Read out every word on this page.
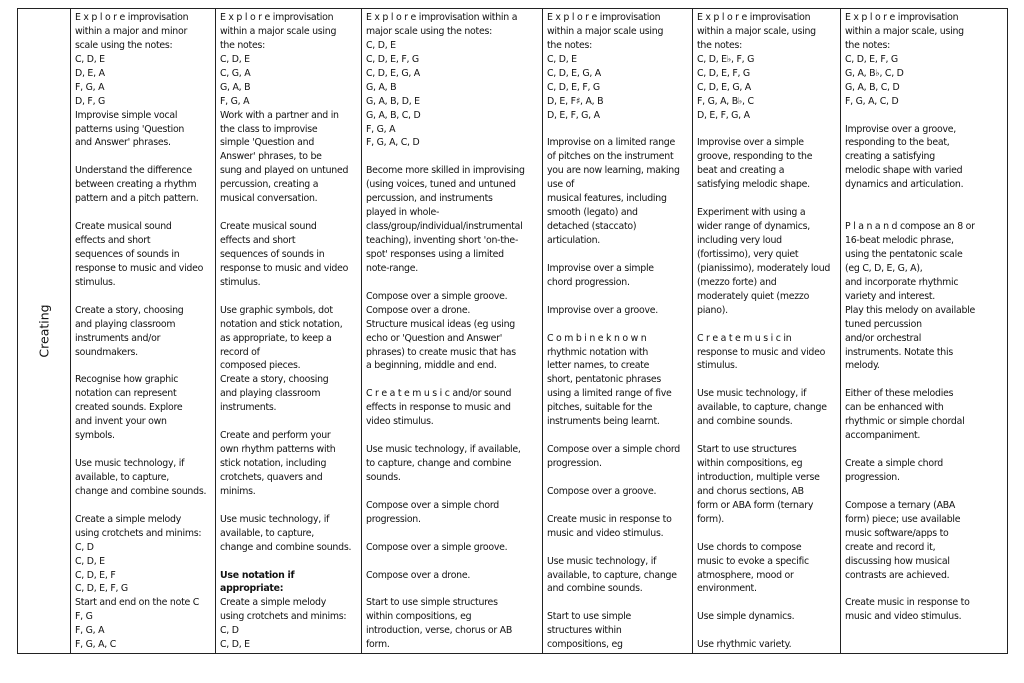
Creating
E x p l o r e improvisation
within a major and minor
scale using the notes:
C, D, E
D, E, A
F, G, A
D, F, G
Improvise simple vocal
patterns using 'Question
and Answer' phrases.
Understand the difference
between creating a rhythm
pattern and a pitch pattern.
Create musical sound
effects and short
sequences of sounds in
response to music and video
stimulus.
Create a story, choosing
and playing classroom
instruments and/or
soundmakers.
Recognise how graphic
notation can represent
created sounds. Explore
and invent your own
symbols.
Use music technology, if
available, to capture,
change and combine sounds.
Create a simple melody
using crotchets and minims:
C, D
C, D, E
C, D, E, F
C, D, E, F, G
Start and end on the note C
F, G
F, G, A
F, G, A, C
E x p l o r e improvisation
within a major scale using
the notes:
C, D, E
C, G, A
G, A, B
F, G, A
Work with a partner and in
the class to improvise
simple 'Question and
Answer' phrases, to be
sung and played on untuned
percussion, creating a
musical conversation.
Create musical sound
effects and short
sequences of sounds in
response to music and video
stimulus.
Use graphic symbols, dot
notation and stick notation,
as appropriate, to keep a
record of
composed pieces.
Create a story, choosing
and playing classroom
instruments.
Create and perform your
own rhythm patterns with
stick notation, including
crotchets, quavers and
minims.
Use music technology, if
available, to capture,
change and combine sounds.
Use notation if
appropriate:
Create a simple melody
using crotchets and minims:
C, D
C, D, E
E x p l o r e improvisation within a
major scale using the notes:
C, D, E
C, D, E, F, G
C, D, E, G, A
G, A, B
G, A, B, D, E
G, A, B, C, D
F, G, A
F, G, A, C, D
Become more skilled in improvising
(using voices, tuned and untuned
percussion, and instruments
played in whole-
class/group/individual/instrumental
teaching), inventing short 'on-the-
spot' responses using a limited
note-range.
Compose over a simple groove.
Compose over a drone.
Structure musical ideas (eg using
echo or 'Question and Answer'
phrases) to create music that has
a beginning, middle and end.
C r e a t e m u s i c and/or sound
effects in response to music and
video stimulus.
Use music technology, if available,
to capture, change and combine
sounds.
Compose over a simple chord
progression.
Compose over a simple groove.
Compose over a drone.
Start to use simple structures
within compositions, eg
introduction, verse, chorus or AB
form.
E x p l o r e improvisation
within a major scale using
the notes:
C, D, E
C, D, E, G, A
C, D, E, F, G
D, E, F♯, A, B
D, E, F, G, A
Improvise on a limited range
of pitches on the instrument
you are now learning, making
use of
musical features, including
smooth (legato) and
detached (staccato)
articulation.
Improvise over a simple
chord progression.
Improvise over a groove.
C o m b i n e k n o w n
rhythmic notation with
letter names, to create
short, pentatonic phrases
using a limited range of five
pitches, suitable for the
instruments being learnt.
Compose over a simple chord
progression.
Compose over a groove.
Create music in response to
music and video stimulus.
Use music technology, if
available, to capture, change
and combine sounds.
Start to use simple
structures within
compositions, eg
E x p l o r e improvisation
within a major scale, using
the notes:
C, D, E♭, F, G
C, D, E, F, G
C, D, E, G, A
F, G, A, B♭, C
D, E, F, G, A
Improvise over a simple
groove, responding to the
beat and creating a
satisfying melodic shape.
Experiment with using a
wider range of dynamics,
including very loud
(fortissimo), very quiet
(pianissimo), moderately loud
(mezzo forte) and
moderately quiet (mezzo
piano).
C r e a t e m u s i c in
response to music and video
stimulus.
Use music technology, if
available, to capture, change
and combine sounds.
Start to use structures
within compositions, eg
introduction, multiple verse
and chorus sections, AB
form or ABA form (ternary
form).
Use chords to compose
music to evoke a specific
atmosphere, mood or
environment.
Use simple dynamics.
Use rhythmic variety.
E x p l o r e improvisation
within a major scale, using
the notes:
C, D, E, F, G
G, A, B♭, C, D
G, A, B, C, D
F, G, A, C, D
Improvise over a groove,
responding to the beat,
creating a satisfying
melodic shape with varied
dynamics and articulation.
P l a n a n d compose an 8 or
16-beat melodic phrase,
using the pentatonic scale
(eg C, D, E, G, A),
and incorporate rhythmic
variety and interest.
Play this melody on available
tuned percussion
and/or orchestral
instruments. Notate this
melody.
Either of these melodies
can be enhanced with
rhythmic or simple chordal
accompaniment.
Create a simple chord
progression.
Compose a ternary (ABA
form) piece; use available
music software/apps to
create and record it,
discussing how musical
contrasts are achieved.
Create music in response to
music and video stimulus.
